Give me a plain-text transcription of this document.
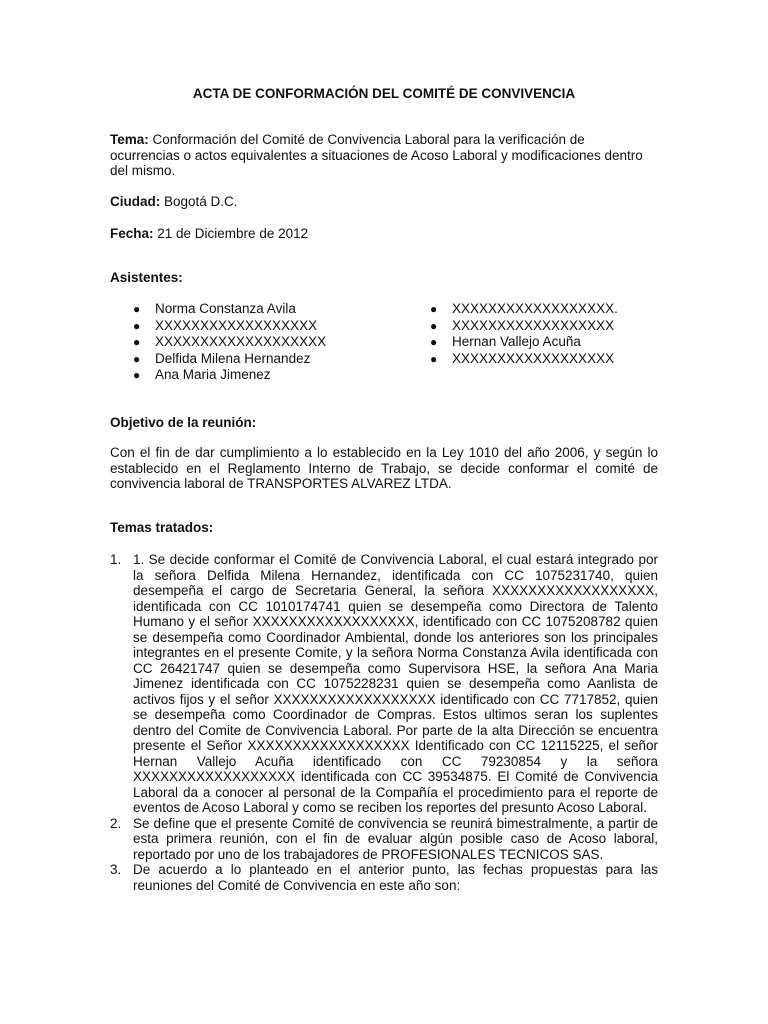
ACTA DE CONFORMACIÓN DEL COMITÉ DE CONVIVENCIA
Tema: Conformación del Comité de Convivencia Laboral para la verificación de ocurrencias o actos equivalentes a situaciones de Acoso Laboral y modificaciones dentro del mismo.
Ciudad: Bogotá D.C.
Fecha: 21 de Diciembre de 2012
Asistentes:
● Norma Constanza Avila
● XXXXXXXXXXXXXXXXXX
● XXXXXXXXXXXXXXXXXXX
● Delfida Milena Hernandez
● Ana Maria Jimenez
● XXXXXXXXXXXXXXXXXX.
● XXXXXXXXXXXXXXXXXX
● Hernan Vallejo Acuña
● XXXXXXXXXXXXXXXXXX
Objetivo de la reunión:
Con el fin de dar cumplimiento a lo establecido en la Ley 1010 del año 2006, y según lo establecido en el Reglamento Interno de Trabajo, se decide conformar el comité de convivencia laboral de TRANSPORTES ALVAREZ LTDA.
Temas tratados:
1. 1. Se decide conformar el Comité de Convivencia Laboral, el cual estará integrado por la señora Delfida Milena Hernandez, identificada con CC 1075231740, quien desempeña el cargo de Secretaria General, la señora XXXXXXXXXXXXXXXXXX, identificada con CC 1010174741 quien se desempeña como Directora de Talento Humano y el señor XXXXXXXXXXXXXXXXXX, identificado con CC 1075208782 quien se desempeña como Coordinador Ambiental, donde los anteriores son los principales integrantes en el presente Comite, y la señora Norma Constanza Avila identificada con CC 26421747 quien se desempeña como Supervisora HSE, la señora Ana Maria Jimenez identificada con CC 1075228231 quien se desempeña como Aanlista de activos fijos y el señor XXXXXXXXXXXXXXXXXX identificado con CC 7717852, quien se desempeña como Coordinador de Compras. Estos ultimos seran los suplentes dentro del Comite de Convivencia Laboral. Por parte de la alta Dirección se encuentra presente el Señor XXXXXXXXXXXXXXXXXX Identificado con CC 12115225, el señor Hernan Vallejo Acuña identificado con CC 79230854 y la señora XXXXXXXXXXXXXXXXXX identificada con CC 39534875. El Comité de Convivencia Laboral da a conocer al personal de la Compañía el procedimiento para el reporte de eventos de Acoso Laboral y como se reciben los reportes del presunto Acoso Laboral.
2. Se define que el presente Comité de convivencia se reunirá bimestralmente, a partir de esta primera reunión, con el fin de evaluar algún posible caso de Acoso laboral, reportado por uno de los trabajadores de PROFESIONALES TECNICOS SAS.
3. De acuerdo a lo planteado en el anterior punto, las fechas propuestas para las reuniones del Comité de Convivencia en este año son:
